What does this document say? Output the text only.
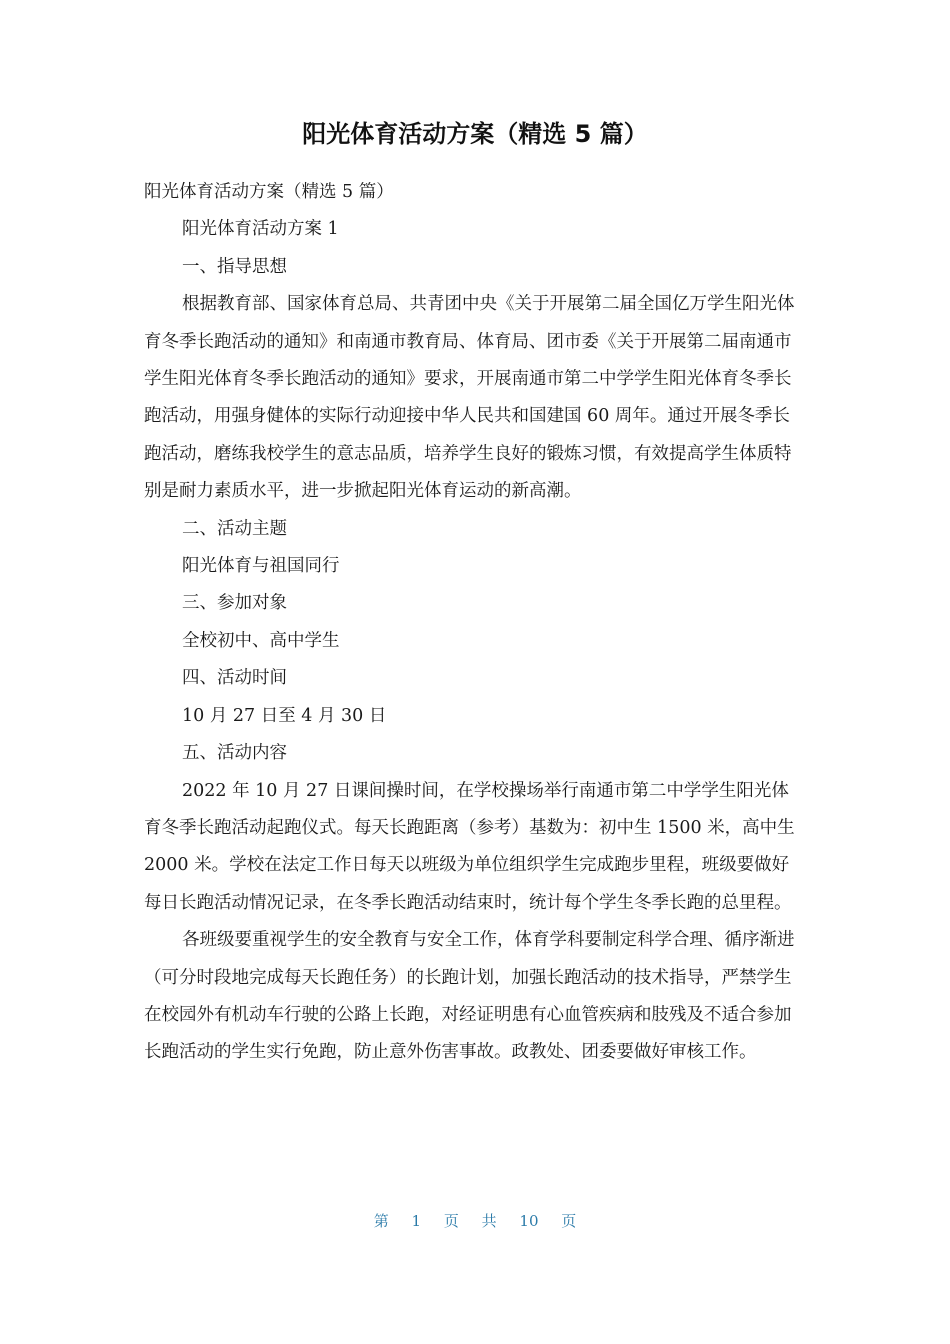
阳光体育活动方案（精选 5 篇）

阳光体育活动方案（精选 5 篇）

阳光体育活动方案 1

一、指导思想

根据教育部、国家体育总局、共青团中央《关于开展第二届全国亿万学生阳光体育冬季长跑活动的通知》和南通市教育局、体育局、团市委《关于开展第二届南通市学生阳光体育冬季长跑活动的通知》要求，开展南通市第二中学学生阳光体育冬季长跑活动，用强身健体的实际行动迎接中华人民共和国建国 60 周年。通过开展冬季长跑活动，磨练我校学生的意志品质，培养学生良好的锻炼习惯，有效提高学生体质特别是耐力素质水平，进一步掀起阳光体育运动的新高潮。

二、活动主题

阳光体育与祖国同行

三、参加对象

全校初中、高中学生

四、活动时间

10 月 27 日至 4 月 30 日

五、活动内容

2022 年 10 月 27 日课间操时间，在学校操场举行南通市第二中学学生阳光体育冬季长跑活动起跑仪式。每天长跑距离（参考）基数为：初中生 1500 米，高中生 2000 米。学校在法定工作日每天以班级为单位组织学生完成跑步里程，班级要做好每日长跑活动情况记录，在冬季长跑活动结束时，统计每个学生冬季长跑的总里程。

各班级要重视学生的安全教育与安全工作，体育学科要制定科学合理、循序渐进（可分时段地完成每天长跑任务）的长跑计划，加强长跑活动的技术指导，严禁学生在校园外有机动车行驶的公路上长跑，对经证明患有心血管疾病和肢残及不适合参加长跑活动的学生实行免跑，防止意外伤害事故。政教处、团委要做好审核工作。

第 1 页 共 10 页
